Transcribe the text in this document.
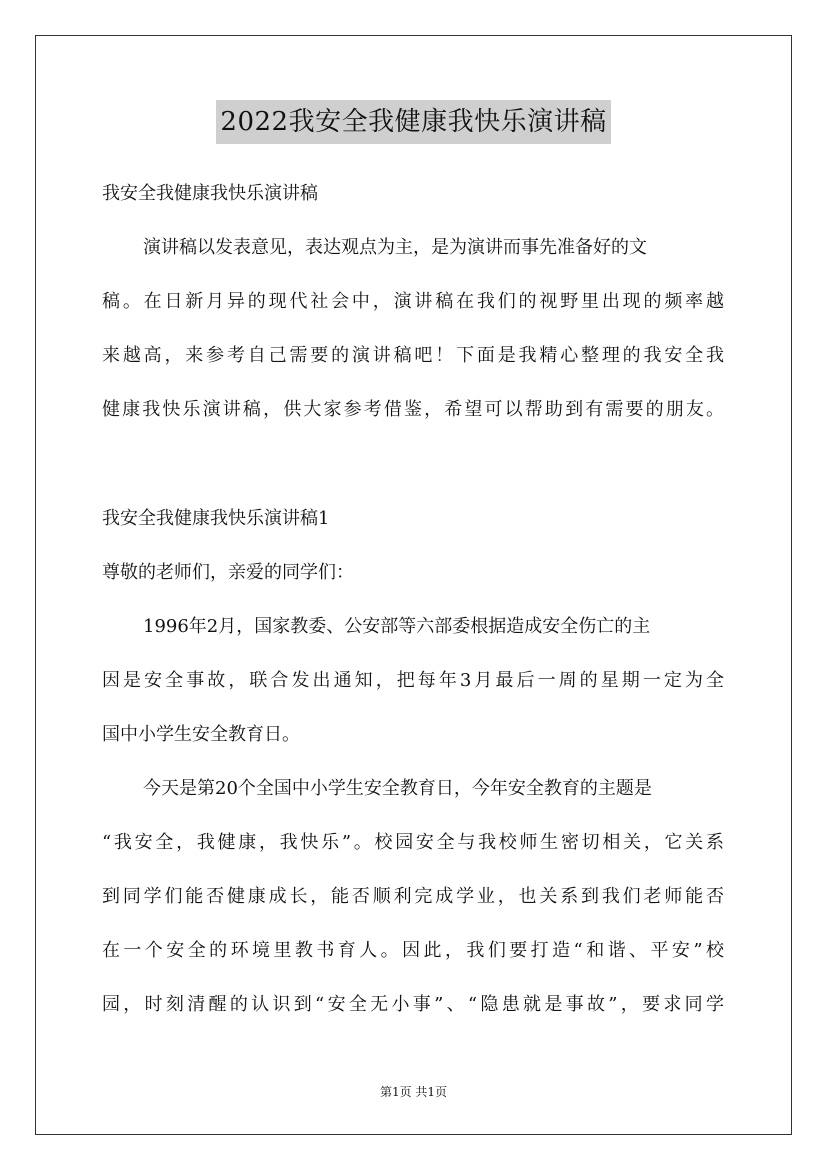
2022我安全我健康我快乐演讲稿
我安全我健康我快乐演讲稿
演讲稿以发表意见，表达观点为主，是为演讲而事先准备好的文
稿。在日新月异的现代社会中，演讲稿在我们的视野里出现的频率越
来越高，来参考自己需要的演讲稿吧！下面是我精心整理的我安全我
健康我快乐演讲稿，供大家参考借鉴，希望可以帮助到有需要的朋友。
我安全我健康我快乐演讲稿1
尊敬的老师们，亲爱的同学们：
1996年2月，国家教委、公安部等六部委根据造成安全伤亡的主
因是安全事故，联合发出通知，把每年3月最后一周的星期一定为全
国中小学生安全教育日。
今天是第20个全国中小学生安全教育日，今年安全教育的主题是
“我安全，我健康，我快乐”。校园安全与我校师生密切相关，它关系
到同学们能否健康成长，能否顺利完成学业，也关系到我们老师能否
在一个安全的环境里教书育人。因此，我们要打造“和谐、平安”校
园，时刻清醒的认识到“安全无小事”、“隐患就是事故”，要求同学
第1页 共1页
